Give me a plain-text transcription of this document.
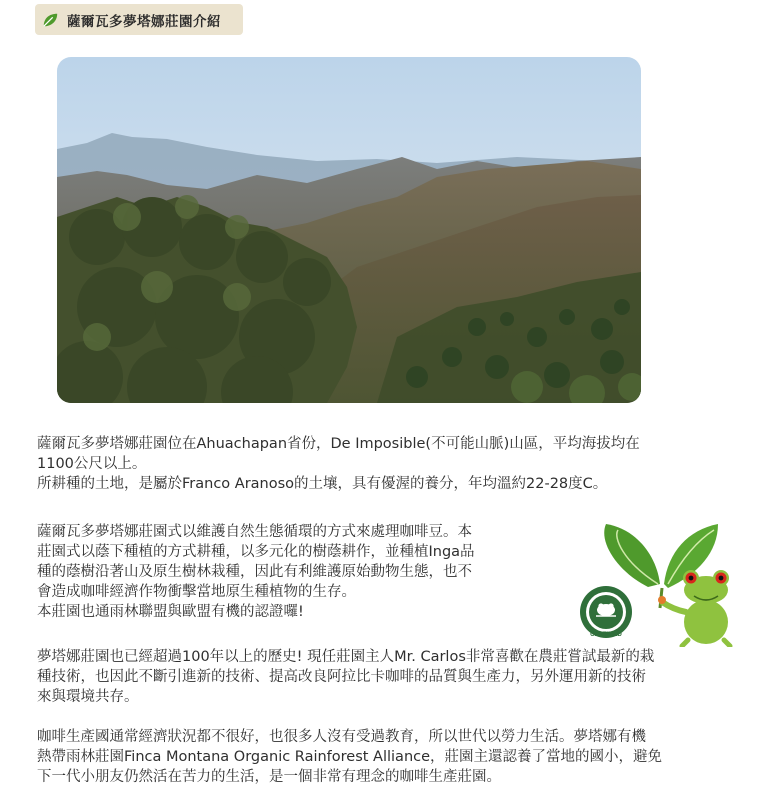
薩爾瓦多夢塔娜莊園介紹
薩爾瓦多夢塔娜莊園位在Ahuachapan省份，De Imposible(不可能山脈)山區，平均海拔均在
1100公尺以上。
所耕種的土地，是屬於Franco Aranoso的土壤，具有優渥的養分，年均溫約22-28度C。
薩爾瓦多夢塔娜莊園式以維護自然生態循環的方式來處理咖啡豆。本
莊園式以蔭下種植的方式耕種，以多元化的樹蔭耕作，並種植Inga品
種的蔭樹沿著山及原生樹林栽種，因此有利維護原始動物生態，也不
會造成咖啡經濟作物衝擊當地原生種植物的生存。
本莊園也通雨林聯盟與歐盟有機的認證囉!
CERTIFIED
夢塔娜莊園也已經超過100年以上的歷史! 現任莊園主人Mr. Carlos非常喜歡在農莊嘗試最新的栽
種技術，也因此不斷引進新的技術、提高改良阿拉比卡咖啡的品質與生產力，另外運用新的技術
來與環境共存。
咖啡生產國通常經濟狀況都不很好，也很多人沒有受過教育，所以世代以勞力生活。夢塔娜有機
熱帶雨林莊園Finca Montana Organic Rainforest Alliance，莊園主還認養了當地的國小，避免
下一代小朋友仍然活在苦力的生活，是一個非常有理念的咖啡生產莊園。
